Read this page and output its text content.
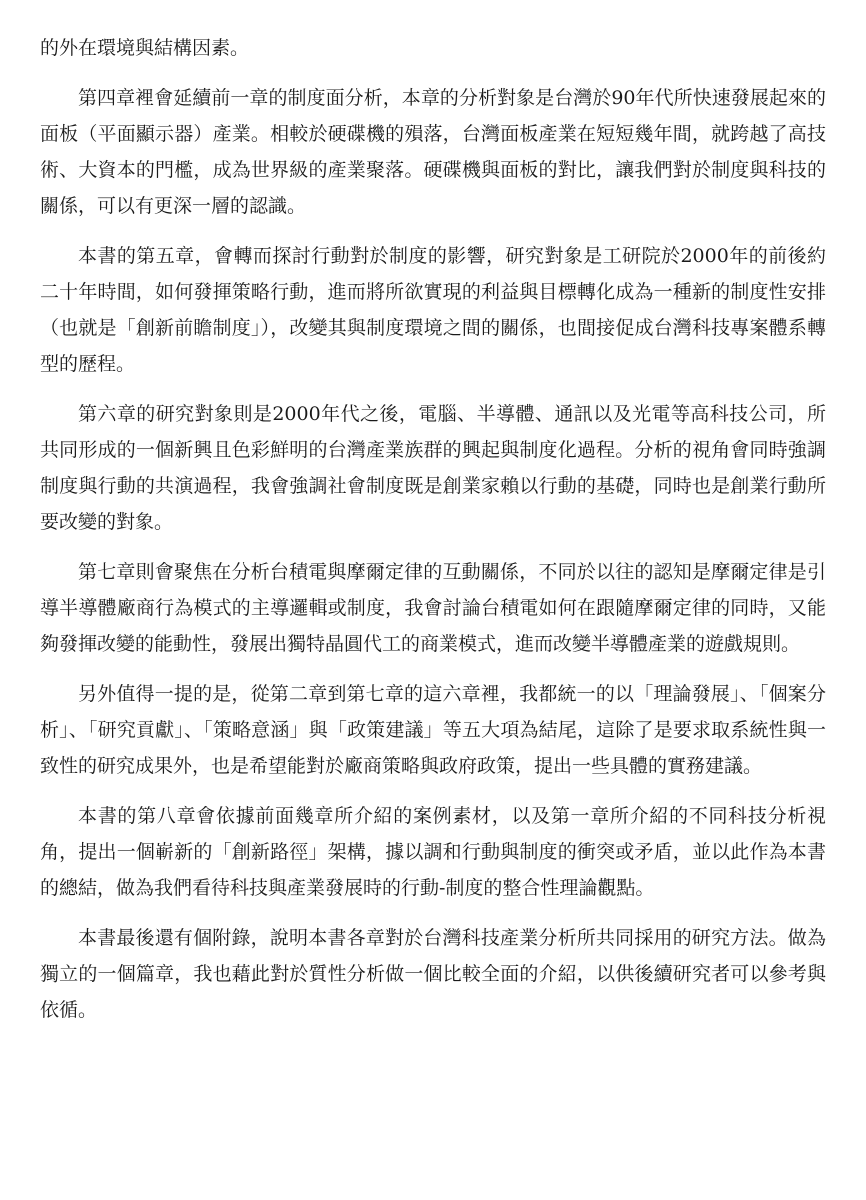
的外在環境與結構因素。

第四章裡會延續前一章的制度面分析，本章的分析對象是台灣於90年代所快速發展起來的面板（平面顯示器）產業。相較於硬碟機的殞落，台灣面板產業在短短幾年間，就跨越了高技術、大資本的門檻，成為世界級的產業聚落。硬碟機與面板的對比，讓我們對於制度與科技的關係，可以有更深一層的認識。

本書的第五章，會轉而探討行動對於制度的影響，研究對象是工研院於2000年的前後約二十年時間，如何發揮策略行動，進而將所欲實現的利益與目標轉化成為一種新的制度性安排（也就是「創新前瞻制度」），改變其與制度環境之間的關係，也間接促成台灣科技專案體系轉型的歷程。

第六章的研究對象則是2000年代之後，電腦、半導體、通訊以及光電等高科技公司，所共同形成的一個新興且色彩鮮明的台灣產業族群的興起與制度化過程。分析的視角會同時強調制度與行動的共演過程，我會強調社會制度既是創業家賴以行動的基礎，同時也是創業行動所要改變的對象。

第七章則會聚焦在分析台積電與摩爾定律的互動關係，不同於以往的認知是摩爾定律是引導半導體廠商行為模式的主導邏輯或制度，我會討論台積電如何在跟隨摩爾定律的同時，又能夠發揮改變的能動性，發展出獨特晶圓代工的商業模式，進而改變半導體產業的遊戲規則。

另外值得一提的是，從第二章到第七章的這六章裡，我都統一的以「理論發展」、「個案分析」、「研究貢獻」、「策略意涵」與「政策建議」等五大項為結尾，這除了是要求取系統性與一致性的研究成果外，也是希望能對於廠商策略與政府政策，提出一些具體的實務建議。

本書的第八章會依據前面幾章所介紹的案例素材，以及第一章所介紹的不同科技分析視角，提出一個嶄新的「創新路徑」架構，據以調和行動與制度的衝突或矛盾，並以此作為本書的總結，做為我們看待科技與產業發展時的行動-制度的整合性理論觀點。

本書最後還有個附錄，說明本書各章對於台灣科技產業分析所共同採用的研究方法。做為獨立的一個篇章，我也藉此對於質性分析做一個比較全面的介紹，以供後續研究者可以參考與依循。
